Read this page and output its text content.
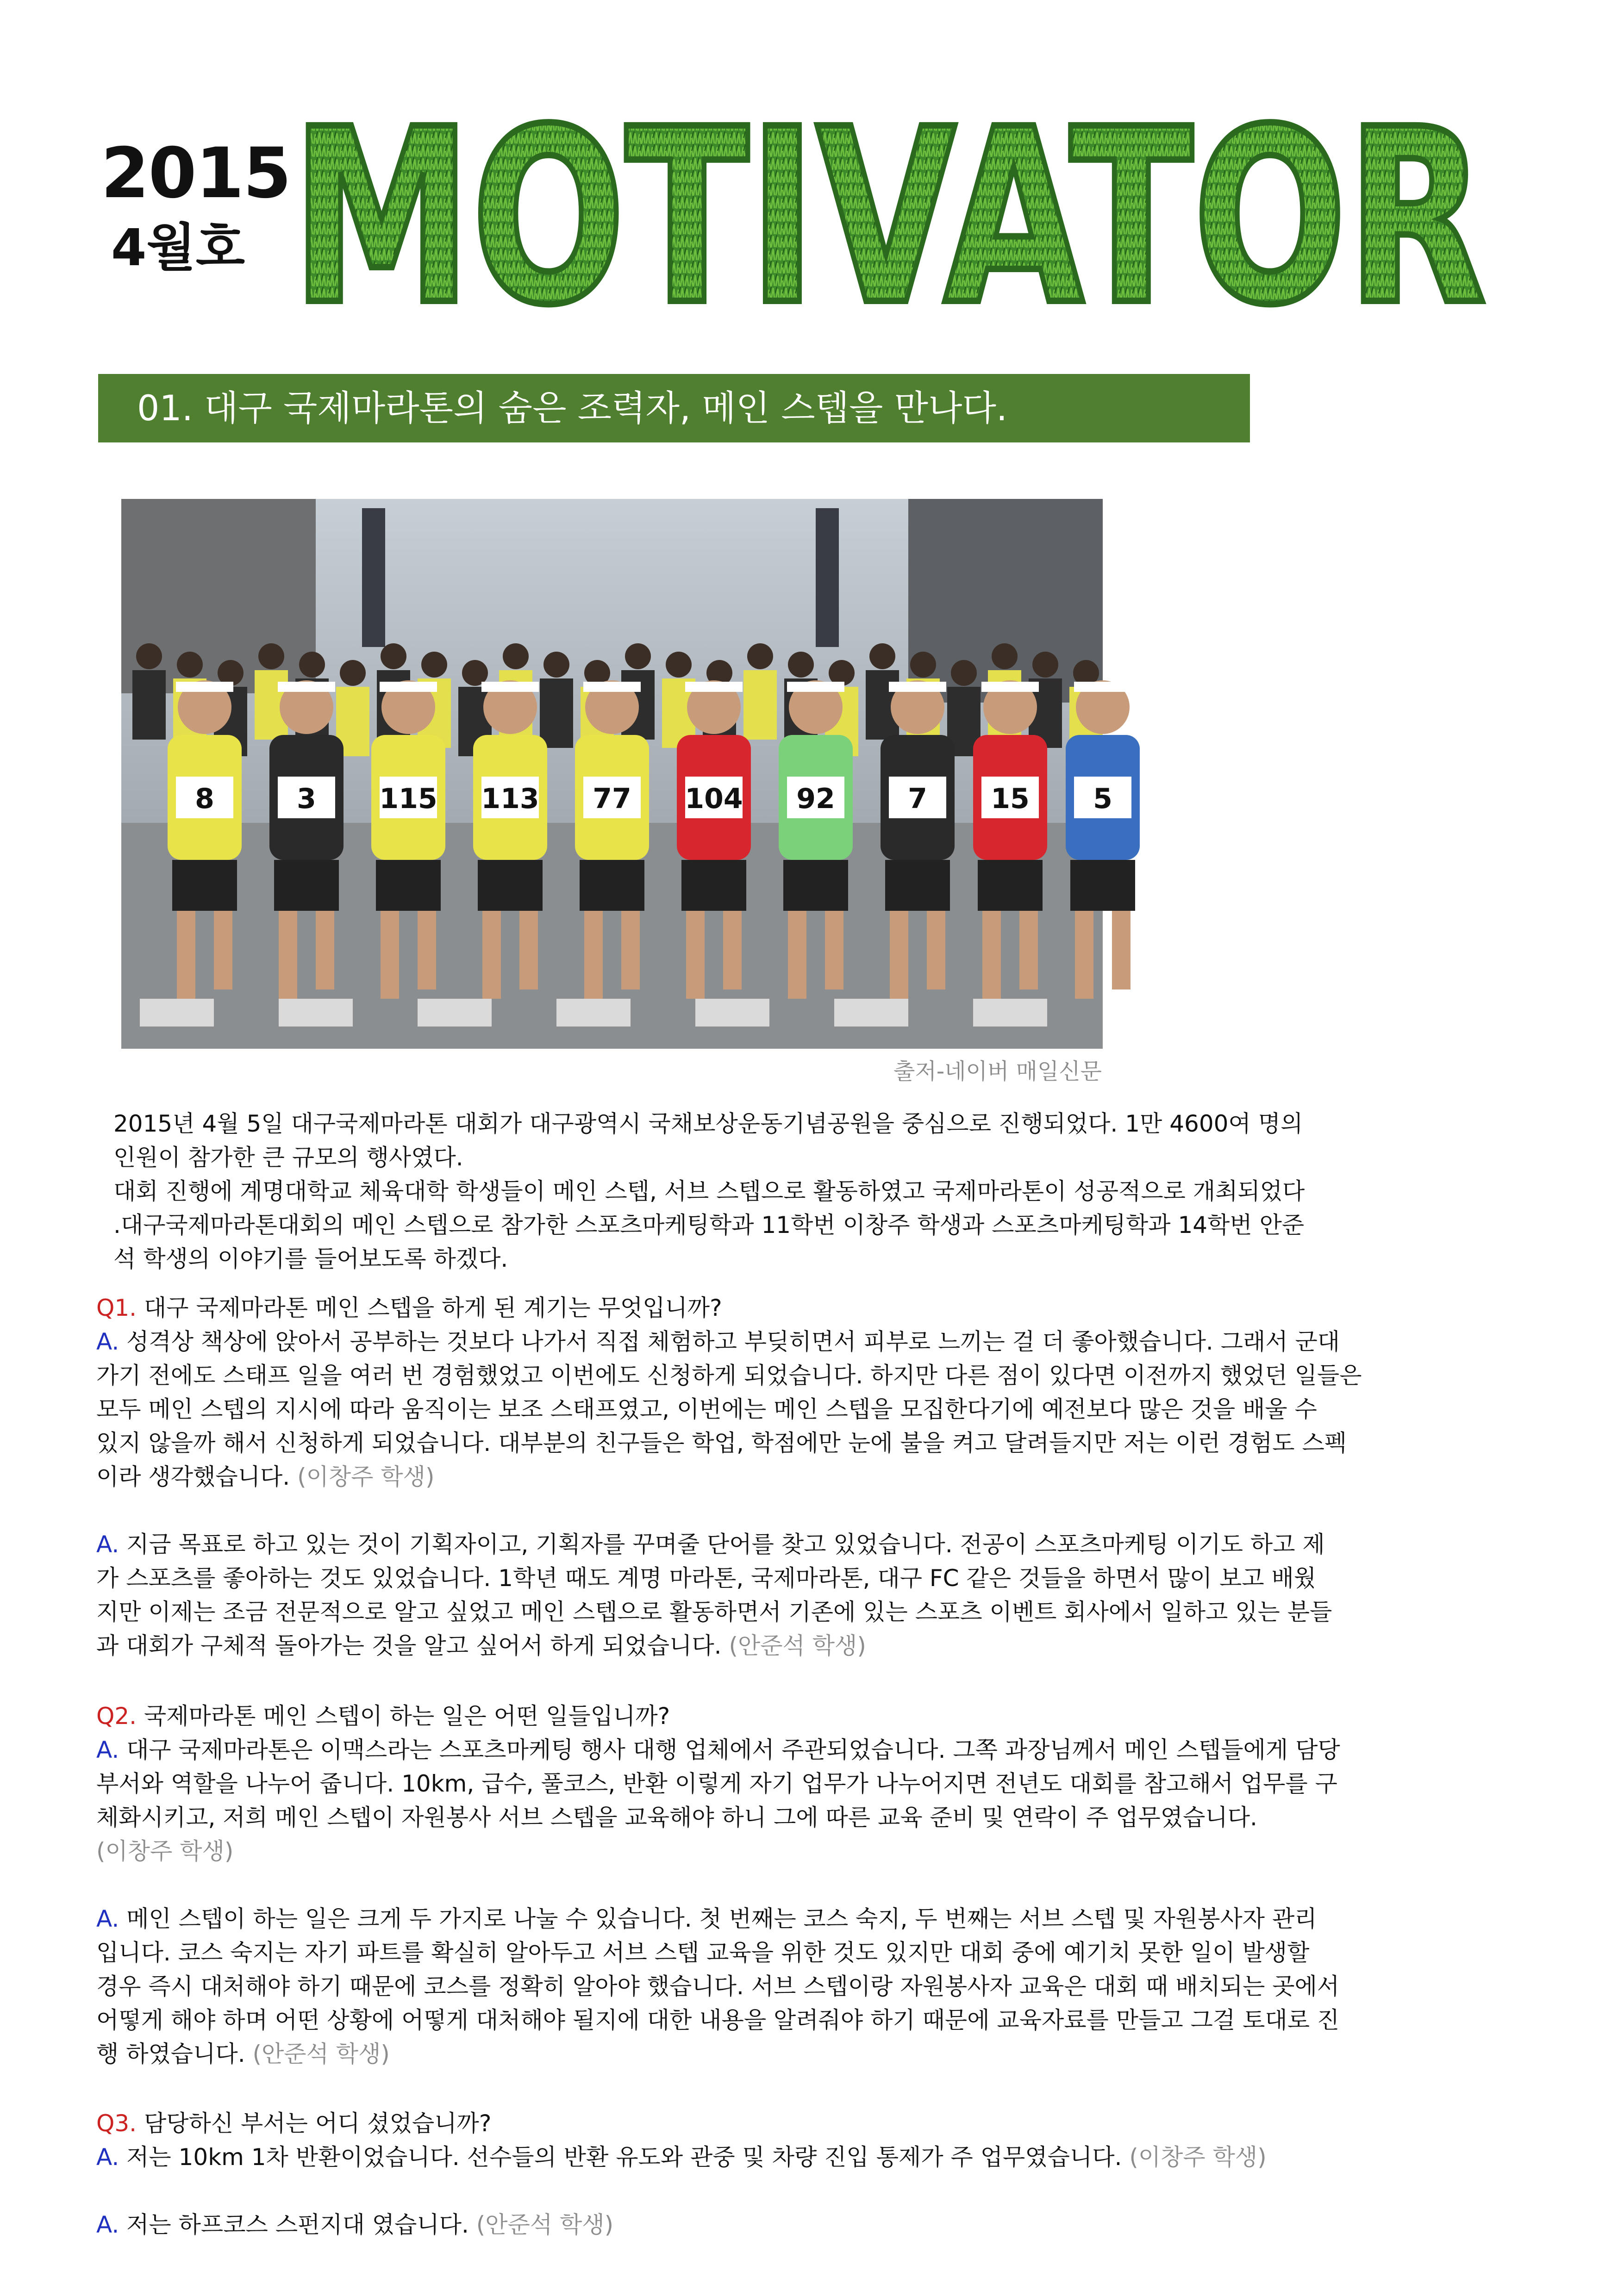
2015
4월호 MOTIVATOR
01. 대구 국제마라톤의 숨은 조력자, 메인 스텝을 만나다.
8	3 115 113 77 104 92	7 15 5
출저-네이버 매일신문

2015년 4월 5일 대구국제마라톤 대회가 대구광역시 국채보상운동기념공원을 중심으로 진행되었다. 1만 4600여 명의

인원이 참가한 큰 규모의 행사였다.

대회 진행에 계명대학교 체육대학 학생들이 메인 스텝, 서브 스텝으로 활동하였고 국제마라톤이 성공적으로 개최되었다

.대구국제마라톤대회의 메인 스텝으로 참가한 스포츠마케팅학과 11학번 이창주 학생과 스포츠마케팅학과 14학번 안준

석 학생의 이야기를 들어보도록 하겠다.

Q1. 대구 국제마라톤 메인 스텝을 하게 된 계기는 무엇입니까?

A. 성격상 책상에 앉아서 공부하는 것보다 나가서 직접 체험하고 부딪히면서 피부로 느끼는 걸 더 좋아했습니다. 그래서 군대

가기 전에도 스태프 일을 여러 번 경험했었고 이번에도 신청하게 되었습니다. 하지만 다른 점이 있다면 이전까지 했었던 일들은

모두 메인 스텝의 지시에 따라 움직이는 보조 스태프였고, 이번에는 메인 스텝을 모집한다기에 예전보다 많은 것을 배울 수

있지 않을까 해서 신청하게 되었습니다. 대부분의 친구들은 학업, 학점에만 눈에 불을 켜고 달려들지만 저는 이런 경험도 스펙

이라 생각했습니다. (이창주 학생)

A. 지금 목표로 하고 있는 것이 기획자이고, 기획자를 꾸며줄 단어를 찾고 있었습니다. 전공이 스포츠마케팅 이기도 하고 제

가 스포츠를 좋아하는 것도 있었습니다. 1학년 때도 계명 마라톤, 국제마라톤, 대구 FC 같은 것들을 하면서 많이 보고 배웠

지만 이제는 조금 전문적으로 알고 싶었고 메인 스텝으로 활동하면서 기존에 있는 스포츠 이벤트 회사에서 일하고 있는 분들

과 대회가 구체적 돌아가는 것을 알고 싶어서 하게 되었습니다. (안준석 학생)

Q2. 국제마라톤 메인 스텝이 하는 일은 어떤 일들입니까?

A. 대구 국제마라톤은 이맥스라는 스포츠마케팅 행사 대행 업체에서 주관되었습니다. 그쪽 과장님께서 메인 스텝들에게 담당

부서와 역할을 나누어 줍니다. 10km, 급수, 풀코스, 반환 이렇게 자기 업무가 나누어지면 전년도 대회를 참고해서 업무를 구

체화시키고, 저희 메인 스텝이 자원봉사 서브 스텝을 교육해야 하니 그에 따른 교육 준비 및 연락이 주 업무였습니다.

(이창주 학생)

A. 메인 스텝이 하는 일은 크게 두 가지로 나눌 수 있습니다. 첫 번째는 코스 숙지, 두 번째는 서브 스텝 및 자원봉사자 관리

입니다. 코스 숙지는 자기 파트를 확실히 알아두고 서브 스텝 교육을 위한 것도 있지만 대회 중에 예기치 못한 일이 발생할

경우 즉시 대처해야 하기 때문에 코스를 정확히 알아야 했습니다. 서브 스텝이랑 자원봉사자 교육은 대회 때 배치되는 곳에서

어떻게 해야 하며 어떤 상황에 어떻게 대처해야 될지에 대한 내용을 알려줘야 하기 때문에 교육자료를 만들고 그걸 토대로 진

행 하였습니다. (안준석 학생)

Q3. 담당하신 부서는 어디 셨었습니까?

A. 저는 10km 1차 반환이었습니다. 선수들의 반환 유도와 관중 및 차량 진입 통제가 주 업무였습니다. (이창주 학생)

A. 저는 하프코스 스펀지대 였습니다. (안준석 학생)
